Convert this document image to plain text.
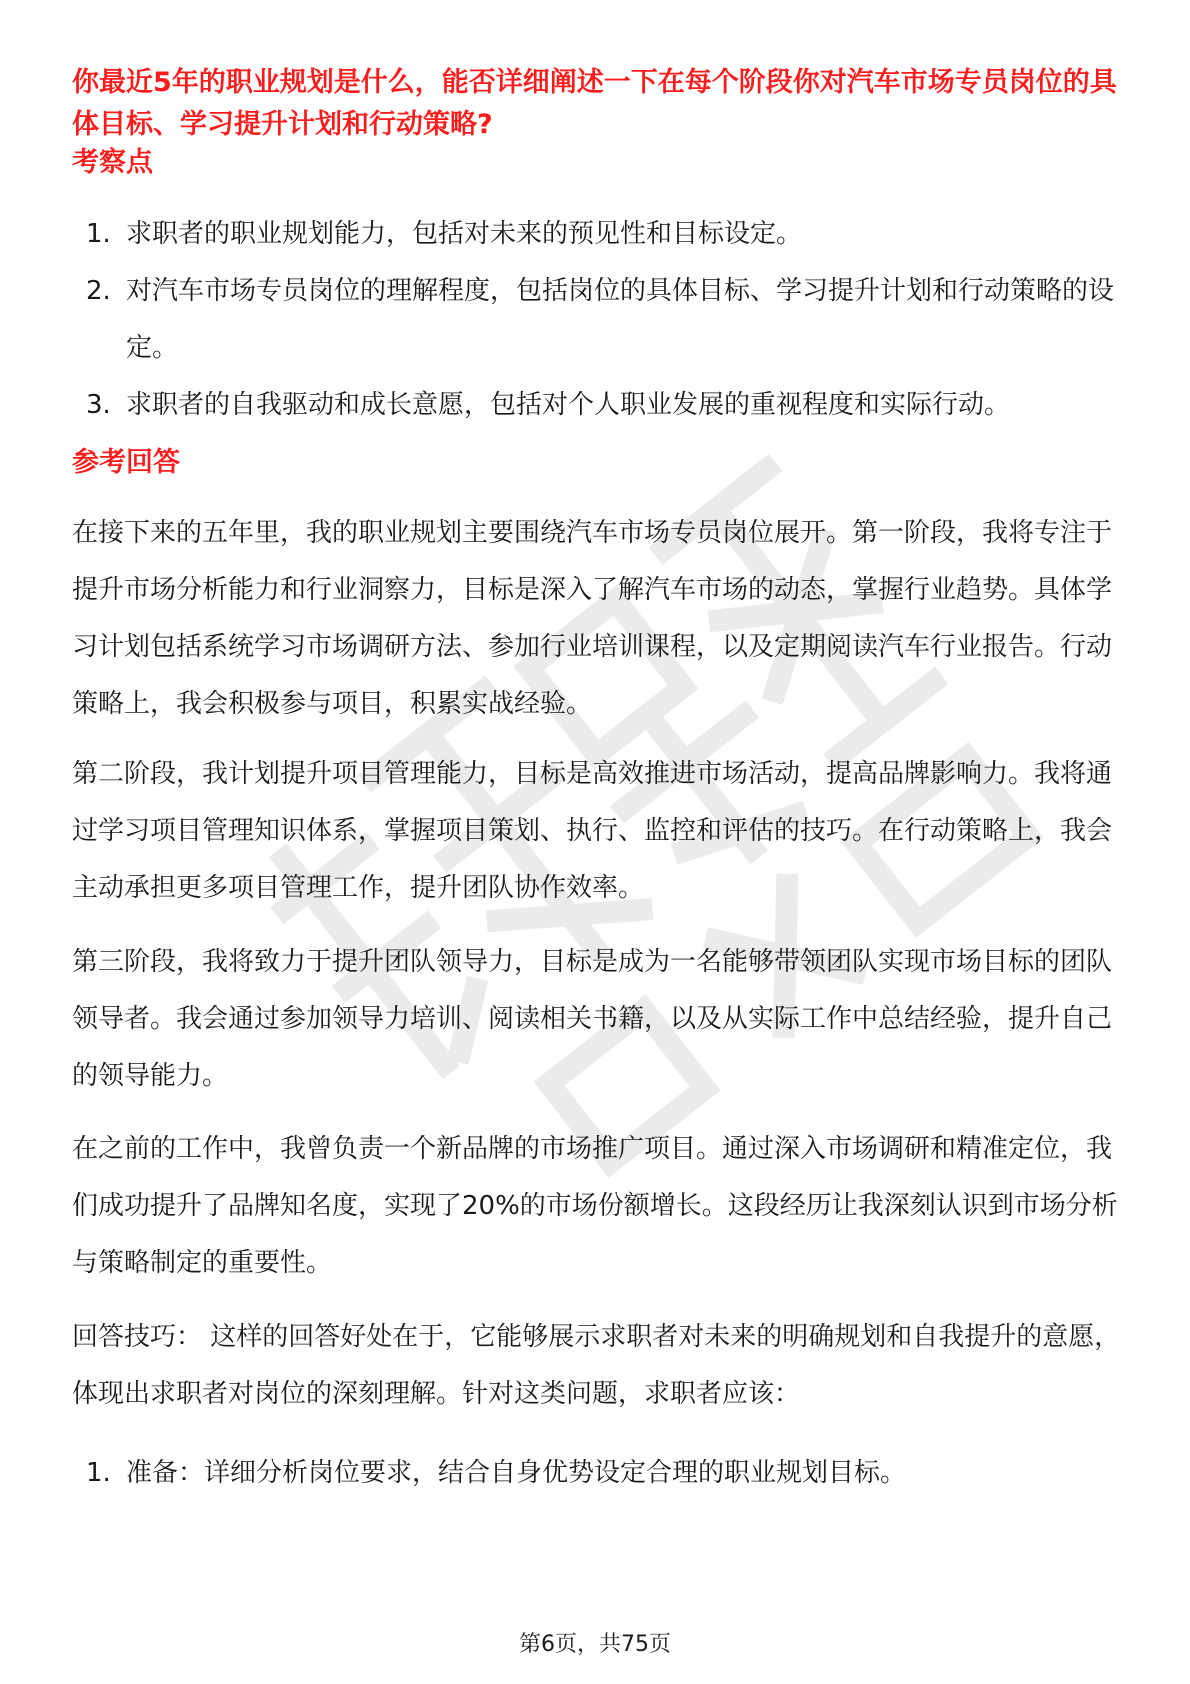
你最近5年的职业规划是什么，能否详细阐述一下在每个阶段你对汽车市场专员岗位的具体目标、学习提升计划和行动策略?
考察点
1. 求职者的职业规划能力，包括对未来的预见性和目标设定。
2. 对汽车市场专员岗位的理解程度，包括岗位的具体目标、学习提升计划和行动策略的设定。
3. 求职者的自我驱动和成长意愿，包括对个人职业发展的重视程度和实际行动。
参考回答

在接下来的五年里，我的职业规划主要围绕汽车市场专员岗位展开。第一阶段，我将专注于提升市场分析能力和行业洞察力，目标是深入了解汽车市场的动态，掌握行业趋势。具体学习计划包括系统学习市场调研方法、参加行业培训课程，以及定期阅读汽车行业报告。行动策略上，我会积极参与项目，积累实战经验。

第二阶段，我计划提升项目管理能力，目标是高效推进市场活动，提高品牌影响力。我将通过学习项目管理知识体系，掌握项目策划、执行、监控和评估的技巧。在行动策略上，我会主动承担更多项目管理工作，提升团队协作效率。

第三阶段，我将致力于提升团队领导力，目标是成为一名能够带领团队实现市场目标的团队领导者。我会通过参加领导力培训、阅读相关书籍，以及从实际工作中总结经验，提升自己的领导能力。

在之前的工作中，我曾负责一个新品牌的市场推广项目。通过深入市场调研和精准定位，我们成功提升了品牌知名度，实现了20%的市场份额增长。这段经历让我深刻认识到市场分析与策略制定的重要性。

回答技巧： 这样的回答好处在于，它能够展示求职者对未来的明确规划和自我提升的意愿，体现出求职者对岗位的深刻理解。针对这类问题，求职者应该：

1. 准备：详细分析岗位要求，结合自身优势设定合理的职业规划目标。
第6页，共75页
